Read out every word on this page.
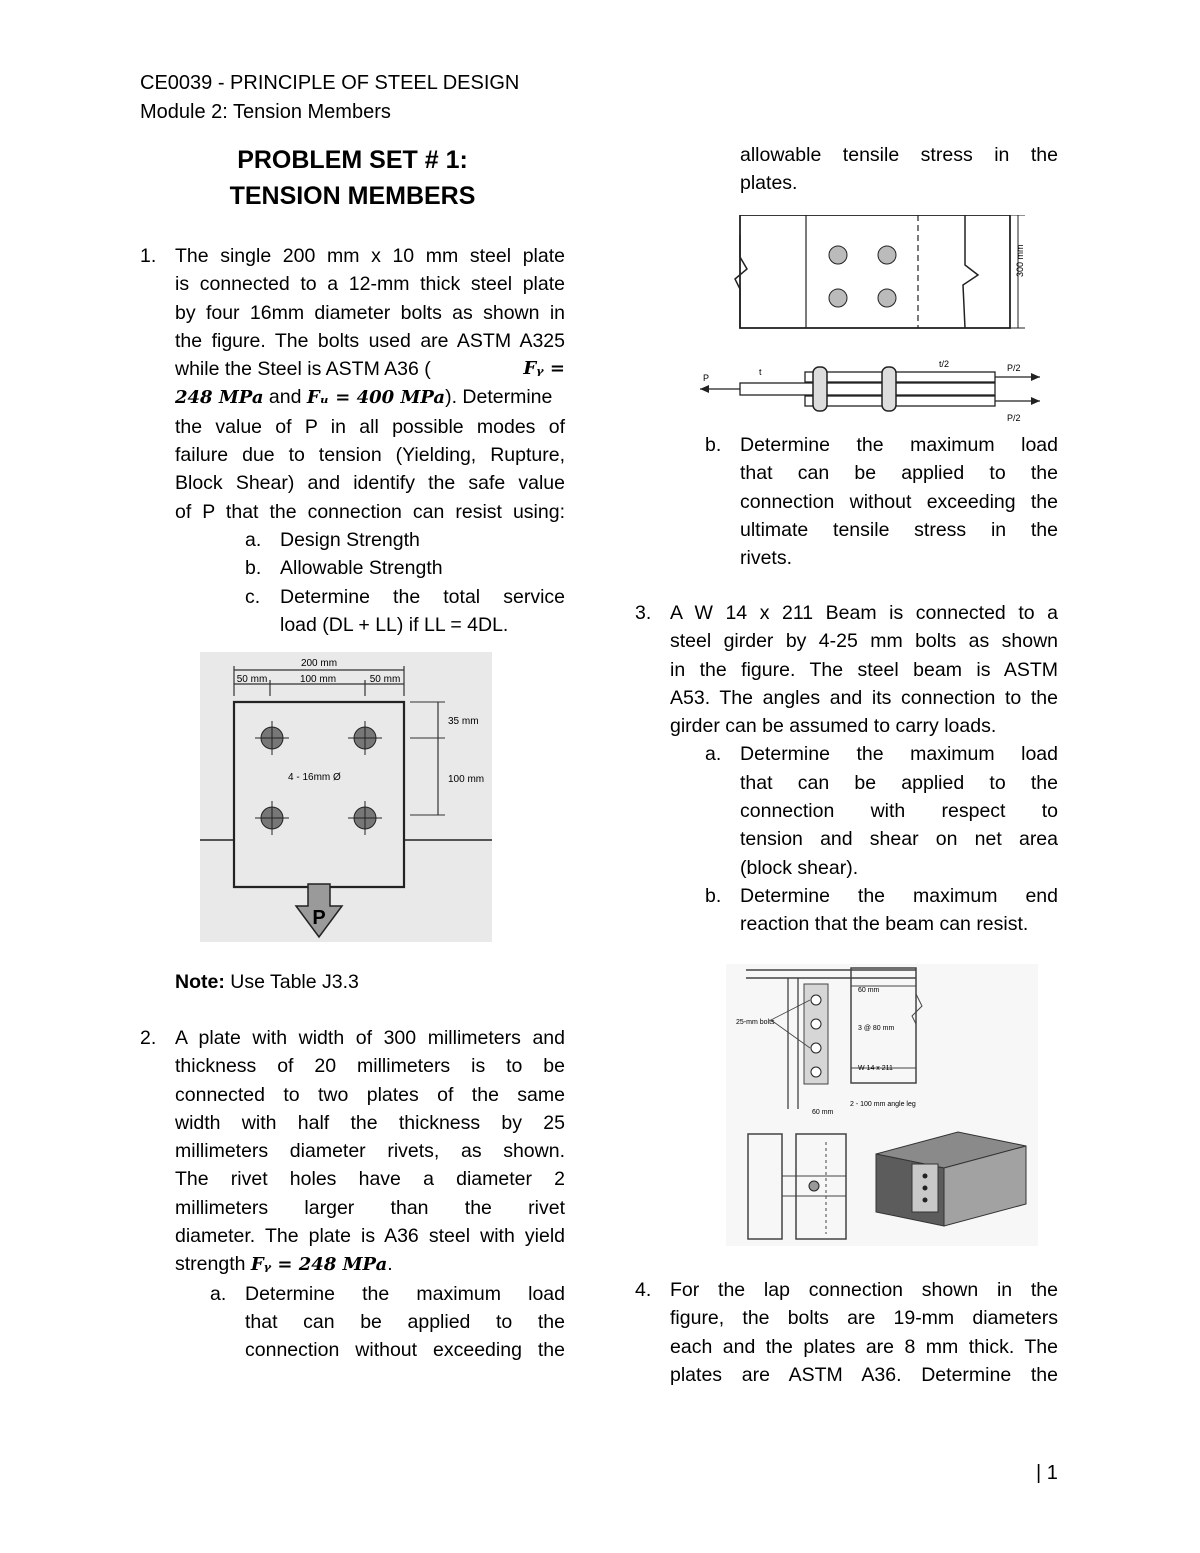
CE0039 - PRINCIPLE OF STEEL DESIGN
Module 2: Tension Members
PROBLEM SET # 1:
TENSION MEMBERS
1. The single 200 mm x 10 mm steel plate
is connected to a 12-mm thick steel plate
by four 16mm diameter bolts as shown in
the figure. The bolts used are ASTM A325
while the Steel is ASTM A36 (	Fᵧ =
248 MPa and Fᵤ = 400 MPa). Determine
the value of P in all possible modes of
failure due to tension (Yielding, Rupture,
Block Shear) and identify the safe value
of P that the connection can resist using:
a. Design Strength
b. Allowable Strength
c. Determine the total service
load (DL + LL) if LL = 4DL.
200 mm
50 mm	100 mm	50 mm
35 mm
100 mm
4 - 16mm Ø
P
Note: Use Table J3.3
2. A plate with width of 300 millimeters and
thickness of 20 millimeters is to be
connected to two plates of the same
width with half the thickness by 25
millimeters diameter rivets, as shown.
The rivet holes have a diameter 2
millimeters larger than the rivet
diameter. The plate is A36 steel with yield
strength Fᵧ = 248 MPa.
a. Determine the maximum load
that can be applied to the
connection without exceeding the
allowable tensile stress in the
plates.
300 mm
P
P/2
P/2
t
t/2
b. Determine the maximum load
that can be applied to the
connection without exceeding the
ultimate tensile stress in the
rivets.
3. A W 14 x 211 Beam is connected to a
steel girder by 4-25 mm bolts as shown
in the figure. The steel beam is ASTM
A53. The angles and its connection to the
girder can be assumed to carry loads.
a. Determine the maximum load
that can be applied to the
connection with respect to
tension and shear on net area
(block shear).
b. Determine the maximum end
reaction that the beam can resist.
25-mm bolts
60 mm
3 @ 80 mm
W 14 x 211
2 - 100 mm angle leg
60 mm
4. For the lap connection shown in the
figure, the bolts are 19-mm diameters
each and the plates are 8 mm thick. The
plates are ASTM A36. Determine the
| 1
